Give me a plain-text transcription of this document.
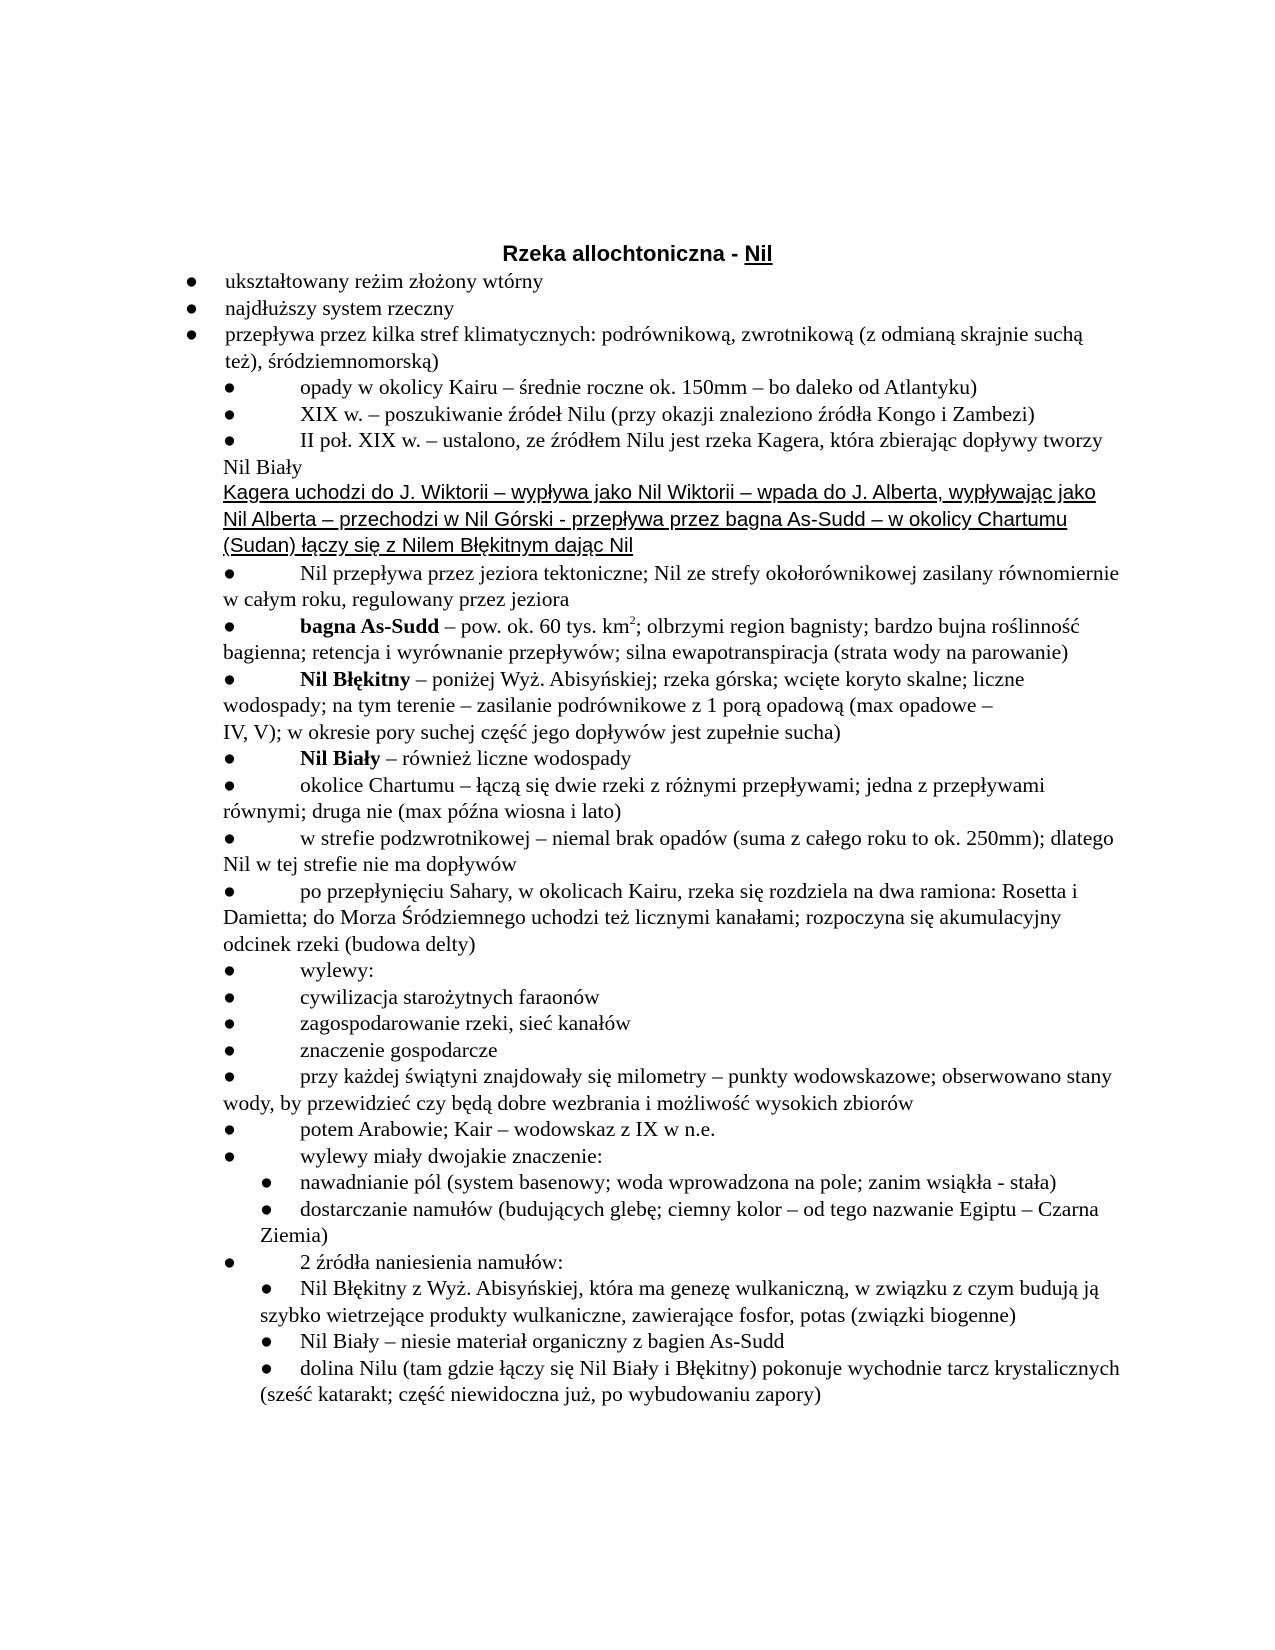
Rzeka allochtoniczna - Nil
● ukształtowany reżim złożony wtórny
● najdłuższy system rzeczny
● przepływa przez kilka stref klimatycznych: podrównikową, zwrotnikową (z odmianą skrajnie suchą też), śródziemnomorską)
●	opady w okolicy Kairu – średnie roczne ok. 150mm – bo daleko od Atlantyku)
●	XIX w. – poszukiwanie źródeł Nilu (przy okazji znaleziono źródła Kongo i Zambezi)
●	II poł. XIX w. – ustalono, ze źródłem Nilu jest rzeka Kagera, która zbierając dopływy tworzy Nil Biały
Kagera uchodzi do J. Wiktorii – wypływa jako Nil Wiktorii – wpada do J. Alberta, wypływając jako Nil Alberta – przechodzi w Nil Górski - przepływa przez bagna As-Sudd – w okolicy Chartumu (Sudan) łączy się z Nilem Błękitnym dając Nil
●	Nil przepływa przez jeziora tektoniczne; Nil ze strefy okołorównikowej zasilany równomiernie w całym roku, regulowany przez jeziora
●	bagna As-Sudd – pow. ok. 60 tys. $km^2$; olbrzymi region bagnisty; bardzo bujna roślinność bagienna; retencja i wyrównanie przepływów; silna ewapotranspiracja (strata wody na parowanie)
●	Nil Błękitny – poniżej Wyż. Abisyńskiej; rzeka górska; wcięte koryto skalne; liczne wodospady; na tym terenie – zasilanie podrównikowe z 1 porą opadową (max opadowe –
IV, V); w okresie pory suchej część jego dopływów jest zupełnie sucha)
●	Nil Biały – również liczne wodospady
●	okolice Chartumu – łączą się dwie rzeki z różnymi przepływami; jedna z przepływami równymi; druga nie (max późna wiosna i lato)
●	w strefie podzwrotnikowej – niemal brak opadów (suma z całego roku to ok. 250mm); dlatego Nil w tej strefie nie ma dopływów
●	po przepłynięciu Sahary, w okolicach Kairu, rzeka się rozdziela na dwa ramiona: Rosetta i Damietta; do Morza Śródziemnego uchodzi też licznymi kanałami; rozpoczyna się akumulacyjny odcinek rzeki (budowa delty)
●	wylewy:
●	cywilizacja starożytnych faraonów
●	zagospodarowanie rzeki, sieć kanałów
●	znaczenie gospodarcze
●	przy każdej świątyni znajdowały się milometry – punkty wodowskazowe; obserwowano stany wody, by przewidzieć czy będą dobre wezbrania i możliwość wysokich zbiorów
●	potem Arabowie; Kair – wodowskaz z IX w n.e.
●	wylewy miały dwojakie znaczenie:
● nawadnianie pól (system basenowy; woda wprowadzona na pole; zanim wsiąkła - stała)
● dostarczanie namułów (budujących glebę; ciemny kolor – od tego nazwanie Egiptu – Czarna Ziemia)
●	2 źródła naniesienia namułów:
● Nil Błękitny z Wyż. Abisyńskiej, która ma genezę wulkaniczną, w związku z czym budują ją szybko wietrzejące produkty wulkaniczne, zawierające fosfor, potas (związki biogenne)
● Nil Biały – niesie materiał organiczny z bagien As-Sudd
● dolina Nilu (tam gdzie łączy się Nil Biały i Błękitny) pokonuje wychodnie tarcz krystalicznych (sześć katarakt; część niewidoczna już, po wybudowaniu zapory)
